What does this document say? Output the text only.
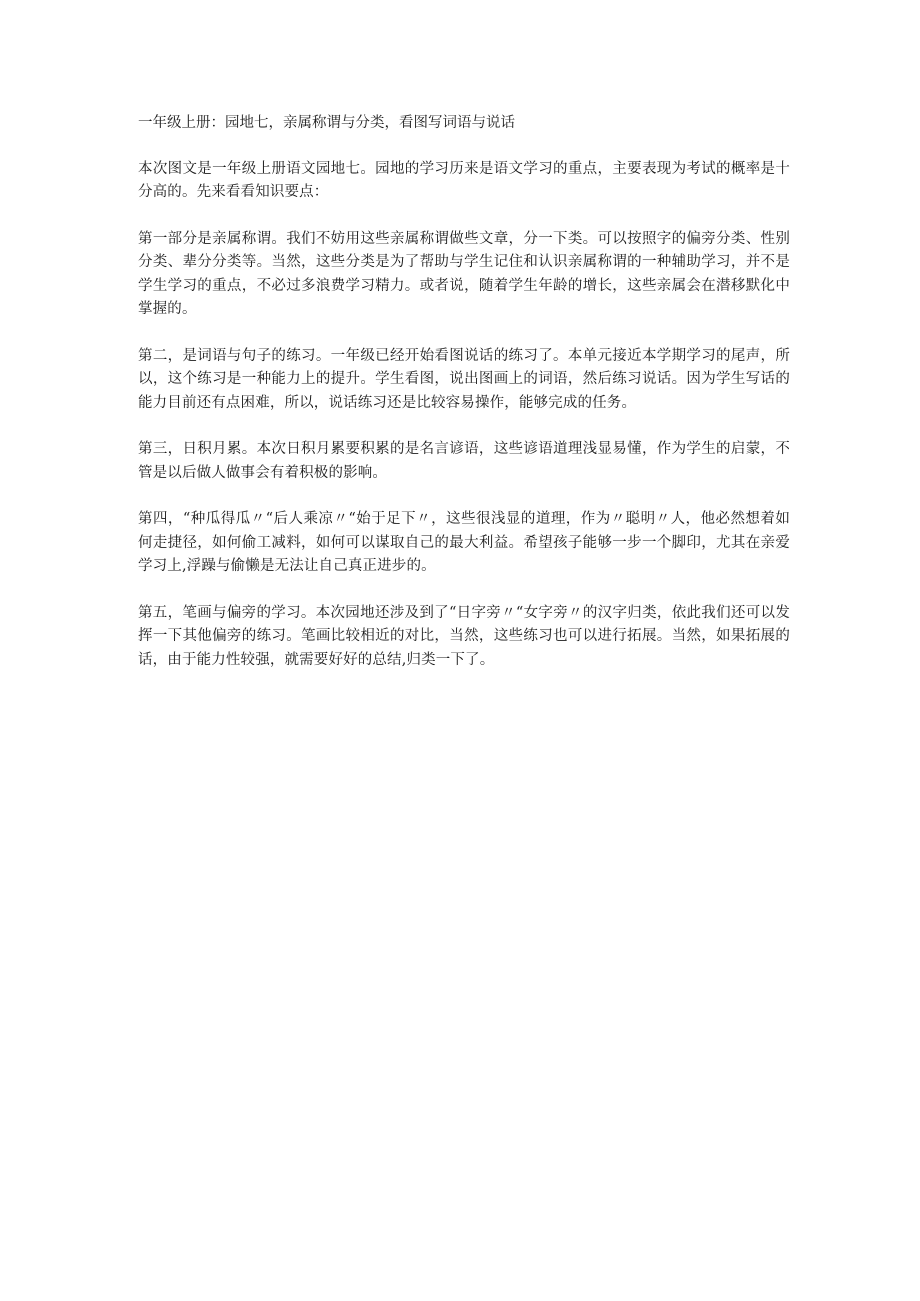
一年级上册：园地七，亲属称谓与分类，看图写词语与说话

本次图文是一年级上册语文园地七。园地的学习历来是语文学习的重点，主要表现为考试的概率是十分高的。先来看看知识要点：

第一部分是亲属称谓。我们不妨用这些亲属称谓做些文章，分一下类。可以按照字的偏旁分类、性别分类、辈分分类等。当然，这些分类是为了帮助与学生记住和认识亲属称谓的一种辅助学习，并不是学生学习的重点，不必过多浪费学习精力。或者说，随着学生年龄的增长，这些亲属会在潜移默化中掌握的。

第二，是词语与句子的练习。一年级已经开始看图说话的练习了。本单元接近本学期学习的尾声，所以，这个练习是一种能力上的提升。学生看图，说出图画上的词语，然后练习说话。因为学生写话的能力目前还有点困难，所以，说话练习还是比较容易操作，能够完成的任务。

第三，日积月累。本次日积月累要积累的是名言谚语，这些谚语道理浅显易懂，作为学生的启蒙，不管是以后做人做事会有着积极的影响。

第四，“种瓜得瓜〃“后人乘凉〃“始于足下〃，这些很浅显的道理，作为〃聪明〃人，他必然想着如何走捷径，如何偷工减料，如何可以谋取自己的最大利益。希望孩子能够一步一个脚印，尤其在亲爱学习上,浮躁与偷懒是无法让自己真正进步的。

第五，笔画与偏旁的学习。本次园地还涉及到了“日字旁〃“女字旁〃的汉字归类，依此我们还可以发挥一下其他偏旁的练习。笔画比较相近的对比，当然，这些练习也可以进行拓展。当然，如果拓展的话，由于能力性较强，就需要好好的总结,归类一下了。
